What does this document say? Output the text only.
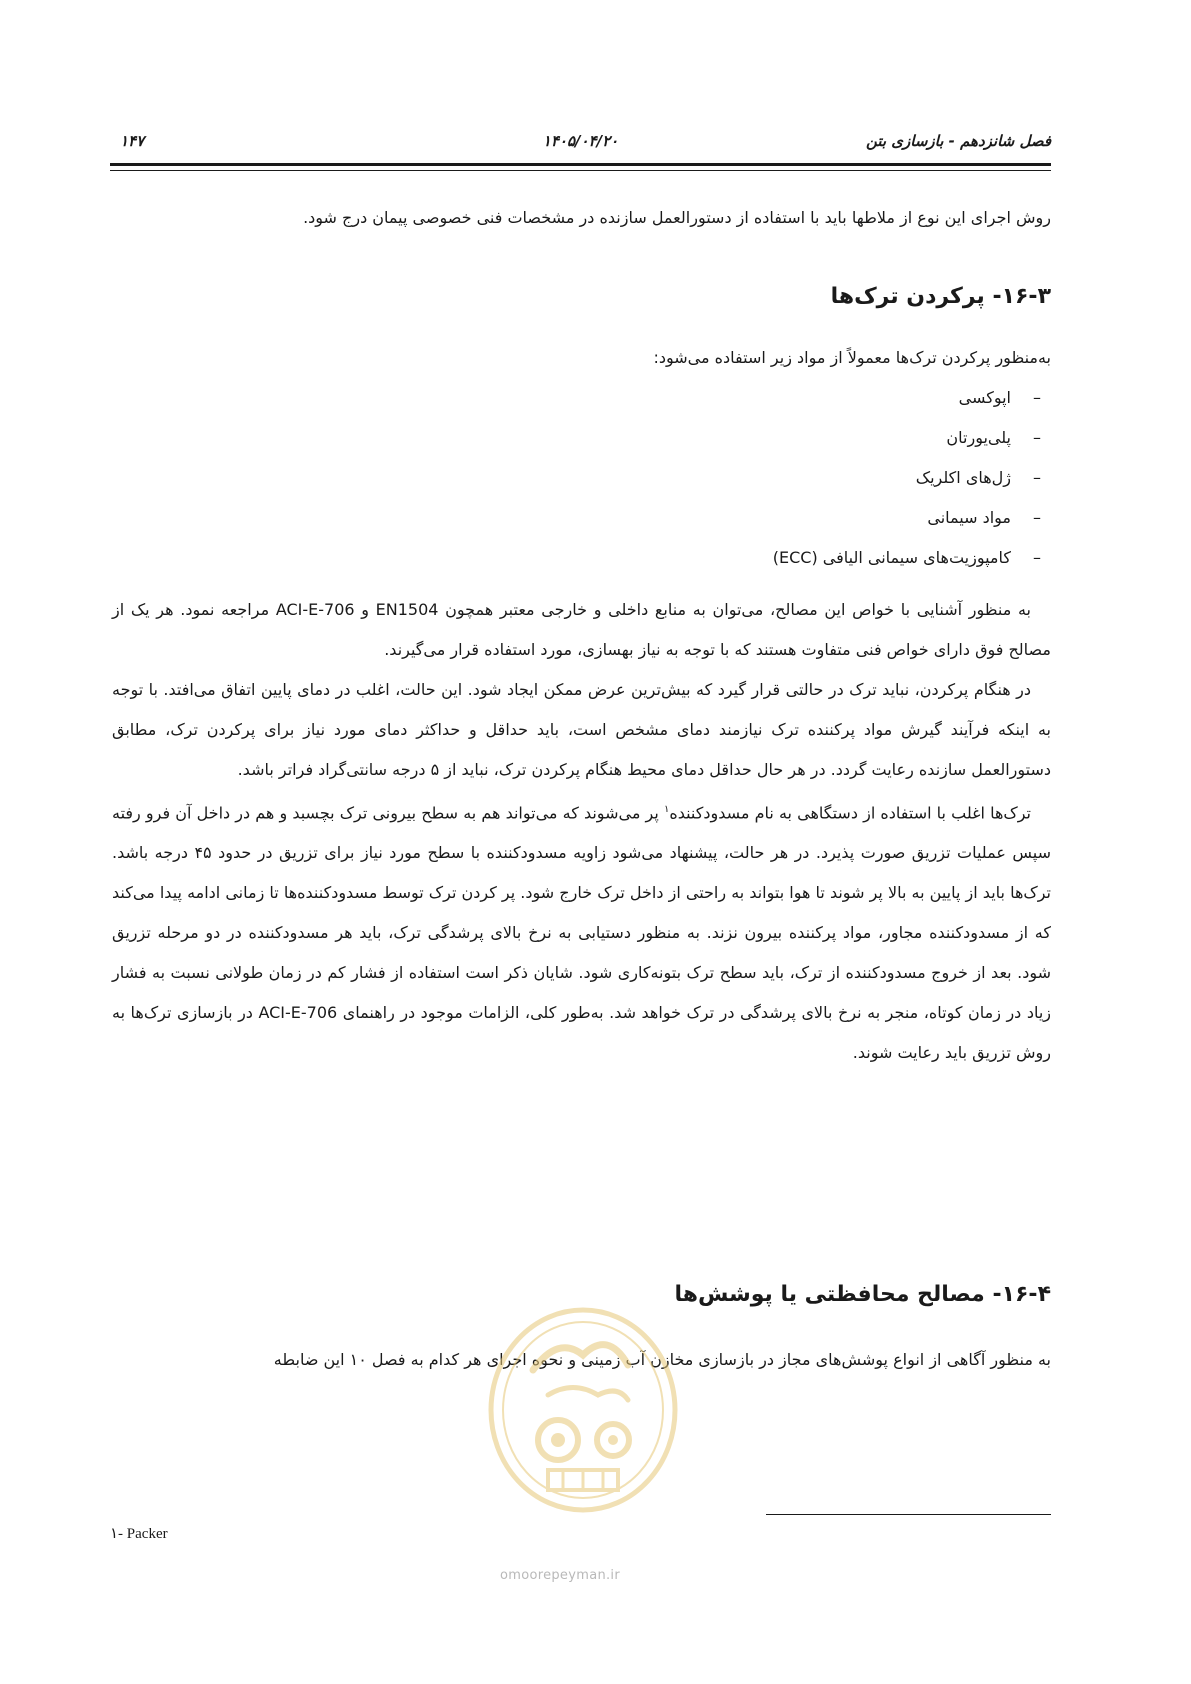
فصل شانزدهم - بازسازی بتن
۱۴۰۵/۰۴/۲۰
۱۴۷

روش اجرای این نوع از ملاطها باید با استفاده از دستورالعمل سازنده در مشخصات فنی خصوصی پیمان درج شود.

۱۶-۳- پرکردن ترک‌ها

به‌منظور پرکردن ترک‌ها معمولاً از مواد زیر استفاده می‌شود:

–
اپوکسی
–
پلی‌یورتان
–
ژل‌های اکلریک
–
مواد سیمانی
–
کامپوزیت‌های سیمانی الیافی (ECC)

به منظور آشنایی با خواص این مصالح، می‌توان به منابع داخلی و خارجی معتبر همچون EN1504 و ACI-E-706 مراجعه نمود. هر یک از مصالح فوق دارای خواص فنی متفاوت هستند که با توجه به نیاز بهسازی، مورد استفاده قرار می‌گیرند.

در هنگام پرکردن، نباید ترک در حالتی قرار گیرد که بیش‌ترین عرض ممکن ایجاد شود. این حالت، اغلب در دمای پایین اتفاق می‌افتد. با توجه به اینکه فرآیند گیرش مواد پرکننده ترک نیازمند دمای مشخص است، باید حداقل و حداکثر دمای مورد نیاز برای پرکردن ترک، مطابق دستورالعمل سازنده رعایت گردد. در هر حال حداقل دمای محیط هنگام پرکردن ترک، نباید از ۵ درجه سانتی‌گراد فراتر باشد.

ترک‌ها اغلب با استفاده از دستگاهی به نام مسدودکننده$^۱$ پر می‌شوند که می‌تواند هم به سطح بیرونی ترک بچسبد و هم در داخل آن فرو رفته سپس عملیات تزریق صورت پذیرد. در هر حالت، پیشنهاد می‌شود زاویه مسدودکننده با سطح مورد نیاز برای تزریق در حدود ۴۵ درجه باشد. ترک‌ها باید از پایین به بالا پر شوند تا هوا بتواند به راحتی از داخل ترک خارج شود. پر کردن ترک توسط مسدودکننده‌ها تا زمانی ادامه پیدا می‌کند که از مسدودکننده مجاور، مواد پرکننده بیرون نزند. به منظور دستیابی به نرخ بالای پرشدگی ترک، باید هر مسدودکننده در دو مرحله تزریق شود. بعد از خروج مسدودکننده از ترک، باید سطح ترک بتونه‌کاری شود. شایان ذکر است استفاده از فشار کم در زمان طولانی نسبت به فشار زیاد در زمان کوتاه، منجر به نرخ بالای پرشدگی در ترک خواهد شد. به‌طور کلی، الزامات موجود در راهنمای ACI-E-706 در بازسازی ترک‌ها به روش تزریق باید رعایت شوند.

۱۶-۴- مصالح محافظتی یا پوشش‌ها

به منظور آگاهی از انواع پوشش‌های مجاز در بازسازی مخازن آب زمینی و نحوه اجرای هر کدام به فصل ۱۰ این ضابطه

omoorepeyman.ir
۱- Packer
